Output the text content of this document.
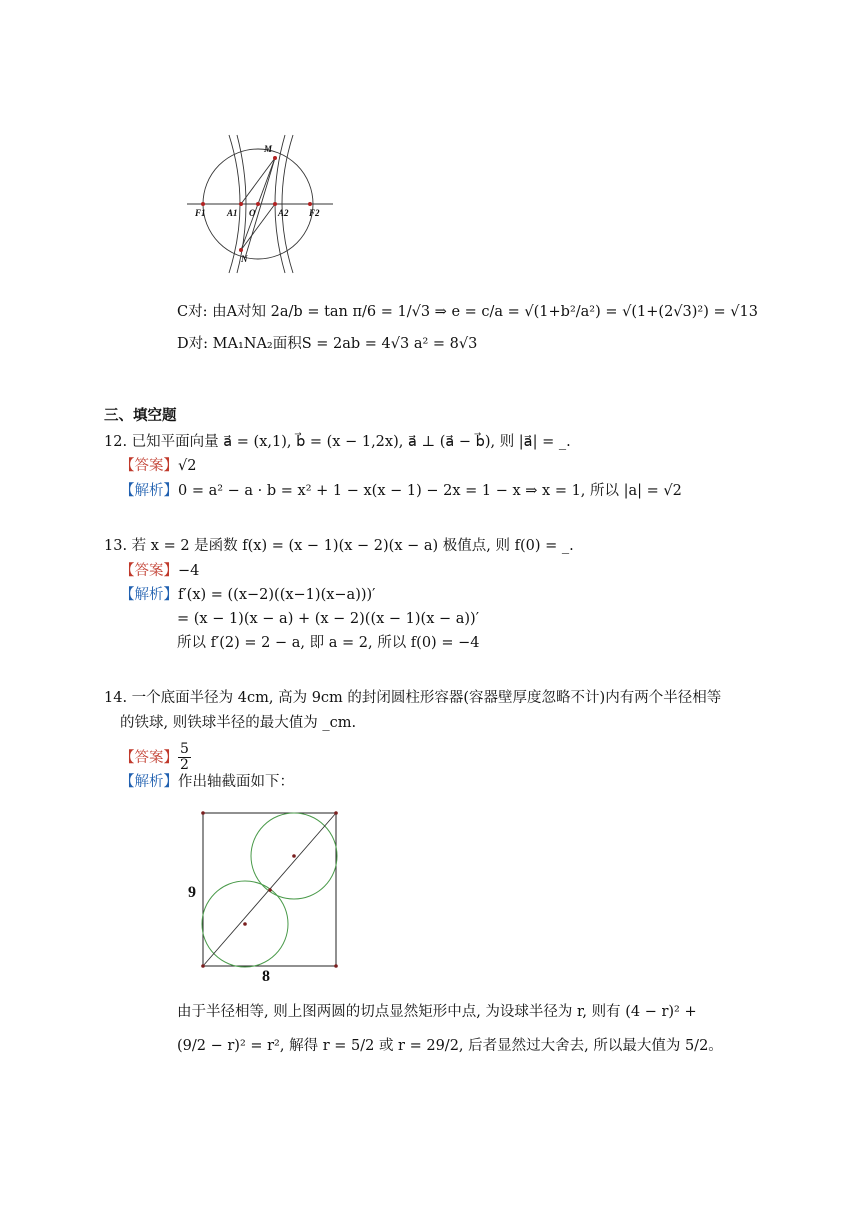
M
N
F1 A1 O	A2 F2
C对: 由A对知 2a/b = tan π/6 = 1/√3 ⇒ e = c/a = √(1+b²/a²) = √(1+(2√3)²) = √13
D对: MA₁NA₂面积S = 2ab = 4√3 a² = 8√3
三、填空题
12. 已知平面向量 a⃗ = (x,1), b⃗ = (x − 1,2x), a⃗ ⊥ (a⃗ − b⃗), 则 |a⃗| = _.
【答案】√2
【解析】0 = a² − a · b = x² + 1 − x(x − 1) − 2x = 1 − x ⇒ x = 1, 所以 |a| = √2
13. 若 x = 2 是函数 f(x) = (x − 1)(x − 2)(x − a) 极值点, 则 f(0) = _.
【答案】−4
【解析】f′(x) = ((x−2)((x−1)(x−a)))′
= (x − 1)(x − a) + (x − 2)((x − 1)(x − a))′
所以 f′(2) = 2 − a, 即 a = 2, 所以 f(0) = −4
14. 一个底面半径为 4cm, 高为 9cm 的封闭圆柱形容器(容器壁厚度忽略不计)内有两个半径相等
的铁球, 则铁球半径的最大值为 _cm.
【答案】 $\frac{5}{2}$
【解析】作出轴截面如下：
9
8
由于半径相等, 则上图两圆的切点显然矩形中点, 为设球半径为 r, 则有 (4 − r)² +
(9/2 − r)² = r², 解得 r = 5/2 或 r = 29/2, 后者显然过大舍去, 所以最大值为 5/2。
